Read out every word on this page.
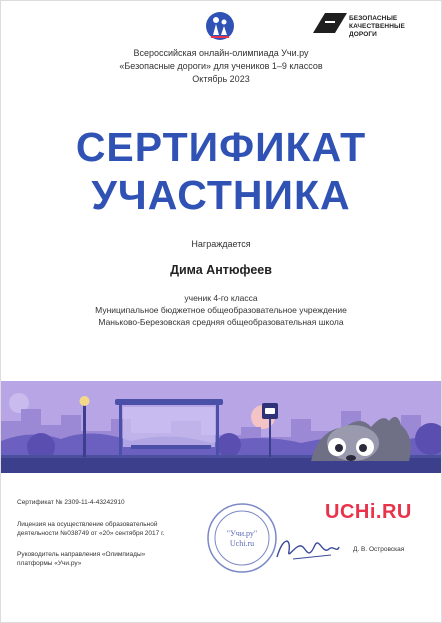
БЕЗОПАСНЫЕ
КАЧЕСТВЕННЫЕ ДОРОГИ
Всероссийская онлайн-олимпиада Учи.ру
«Безопасные дороги» для учеников 1–9 классов
Октябрь 2023
СЕРТИФИКАТ
УЧАСТНИКА
Награждается
Дима Антюфеев
ученик 4-го класса
Муниципальное бюджетное общеобразовательное учреждение
Маньково-Березовская средняя общеобразовательная школа
Сертификат № 2309-11-4-43242910
Лицензия на осуществление образовательной
деятельности №038749 от «20» сентября 2017 г.
Руководитель направления «Олимпиады»
платформы «Учи.ру»
"Учи.ру"
Uchi.ru
Д. В. Островская
UCHi.RU
